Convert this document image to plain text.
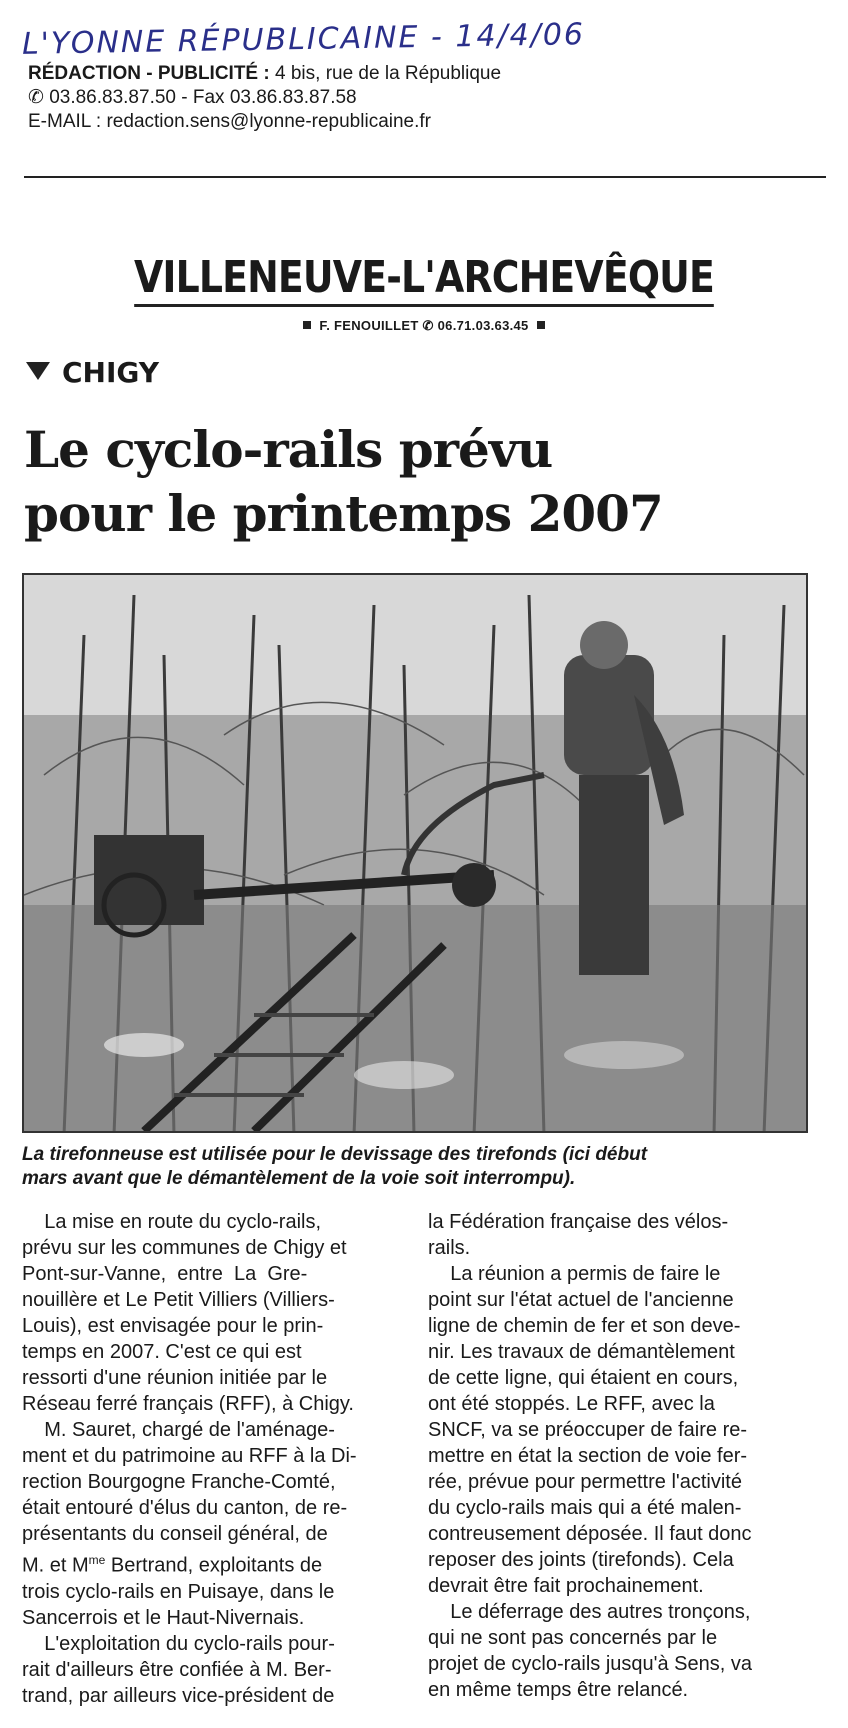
L'YONNE RÉPUBLICAINE - 14/4/06
RÉDACTION - PUBLICITÉ : 4 bis, rue de la République
✆ 03.86.83.87.50 - Fax 03.86.83.87.58
E-MAIL : redaction.sens@lyonne-republicaine.fr
VILLENEUVE-L'ARCHEVÊQUE
F. FENOUILLET ✆ 06.71.03.63.45
CHIGY
Le cyclo-rails prévu
pour le printemps 2007
La tirefonneuse est utilisée pour le devissage des tirefonds (ici début
mars avant que le démantèlement de la voie soit interrompu).
La mise en route du cyclo-rails,
prévu sur les communes de Chigy et
Pont-sur-Vanne,  entre  La  Gre-
nouillère et Le Petit Villiers (Villiers-
Louis), est envisagée pour le prin-
temps en 2007. C'est ce qui est
ressorti d'une réunion initiée par le
Réseau ferré français (RFF), à Chigy.
M. Sauret, chargé de l'aménage-
ment et du patrimoine au RFF à la Di-
rection Bourgogne Franche-Comté,
était entouré d'élus du canton, de re-
présentants du conseil général, de
M. et $M^{me}$ Bertrand, exploitants de
trois cyclo-rails en Puisaye, dans le
Sancerrois et le Haut-Nivernais.
L'exploitation du cyclo-rails pour-
rait d'ailleurs être confiée à M. Ber-
trand, par ailleurs vice-président de
la Fédération française des vélos-
rails.
La réunion a permis de faire le
point sur l'état actuel de l'ancienne
ligne de chemin de fer et son deve-
nir. Les travaux de démantèlement
de cette ligne, qui étaient en cours,
ont été stoppés. Le RFF, avec la
SNCF, va se préoccuper de faire re-
mettre en état la section de voie fer-
rée, prévue pour permettre l'activité
du cyclo-rails mais qui a été malen-
contreusement déposée. Il faut donc
reposer des joints (tirefonds). Cela
devrait être fait prochainement.
Le déferrage des autres tronçons,
qui ne sont pas concernés par le
projet de cyclo-rails jusqu'à Sens, va
en même temps être relancé.
